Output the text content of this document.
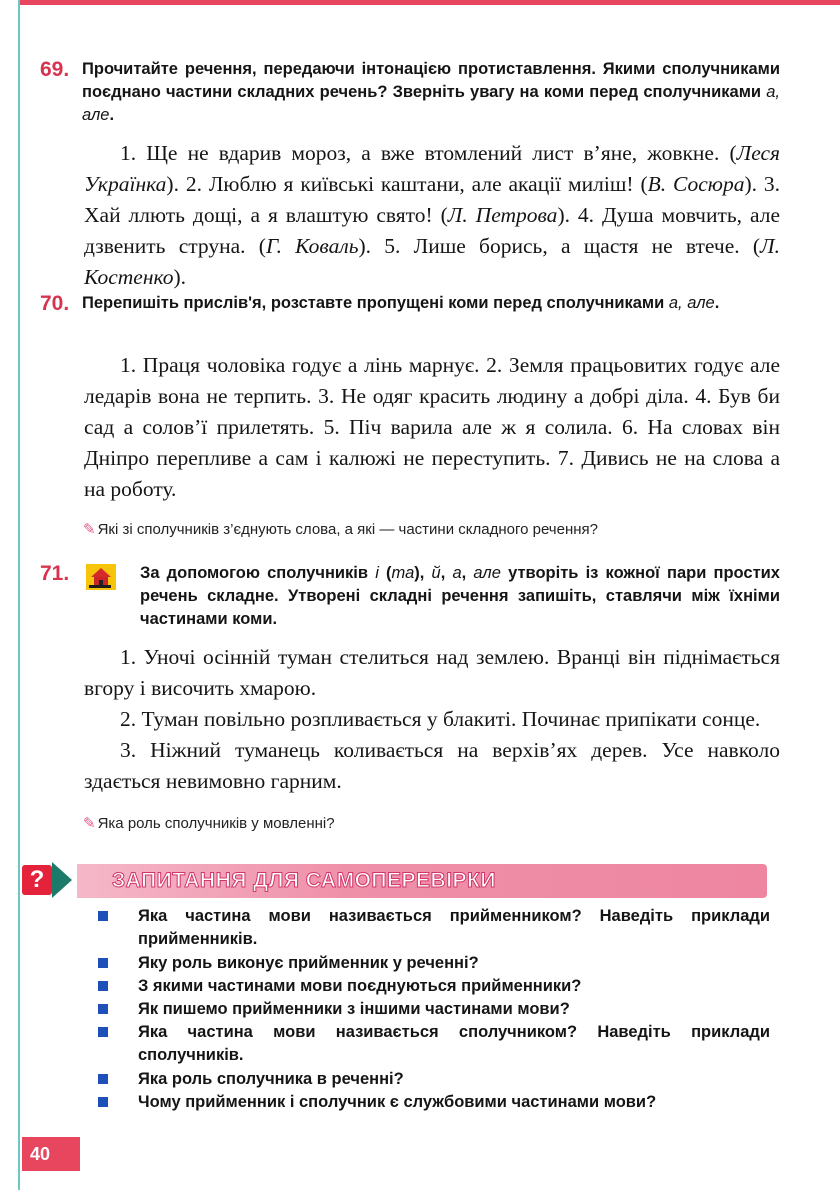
69. Прочитайте речення, передаючи інтонацією протиставлення. Якими сполучниками поєднано частини складних речень? Зверніть увагу на коми перед сполучниками а, але.

1. Ще не вдарив мороз, а вже втомлений лист в’яне, жовкне. (Леся Українка). 2. Люблю я київські каштани, але акації миліш! (В. Сосюра). 3. Хай ллють дощі, а я влаштую свято! (Л. Петрова). 4. Душа мовчить, але дзвенить струна. (Г. Коваль). 5. Лише борись, а щастя не втече. (Л. Костенко).

70. Перепишіть прислів'я, розставте пропущені коми перед сполучниками а, але.

1. Праця чоловіка годує а лінь марнує. 2. Земля працьовитих годує але ледарів вона не терпить. 3. Не одяг красить людину а добрі діла. 4. Був би сад а солов’ї прилетять. 5. Піч варила але ж я солила. 6. На словах він Дніпро перепливе а сам і калюжі не переступить. 7. Дивись не на слова а на роботу.

✎ Які зі сполучників з’єднують слова, а які — частини складного речення?
71.	За допомогою сполучників і (та), й, а, але утворіть із кожної пари простих речень складне. Утворені складні речення запишіть, ставлячи між їхніми частинами коми.

1. Уночі осінній туман стелиться над землею. Вранці він піднімається вгору і височить хмарою.

2. Туман повільно розпливається у блакиті. Починає припікати сонце.

3. Ніжний туманець коливається на верхів’ях дерев. Усе навколо здається невимовно гарним.

✎ Яка роль сполучників у мовленні?
?	ЗАПИТАННЯ ДЛЯ САМОПЕРЕВІРКИ
Яка частина мови називається прийменником? Наведіть приклади прийменників.
Яку роль виконує прийменник у реченні?
З якими частинами мови поєднуються прийменники?
Як пишемо прийменники з іншими частинами мови?
Яка частина мови називається сполучником? Наведіть приклади сполучників.
Яка роль сполучника в реченні?
Чому прийменник і сполучник є службовими частинами мови?
40
